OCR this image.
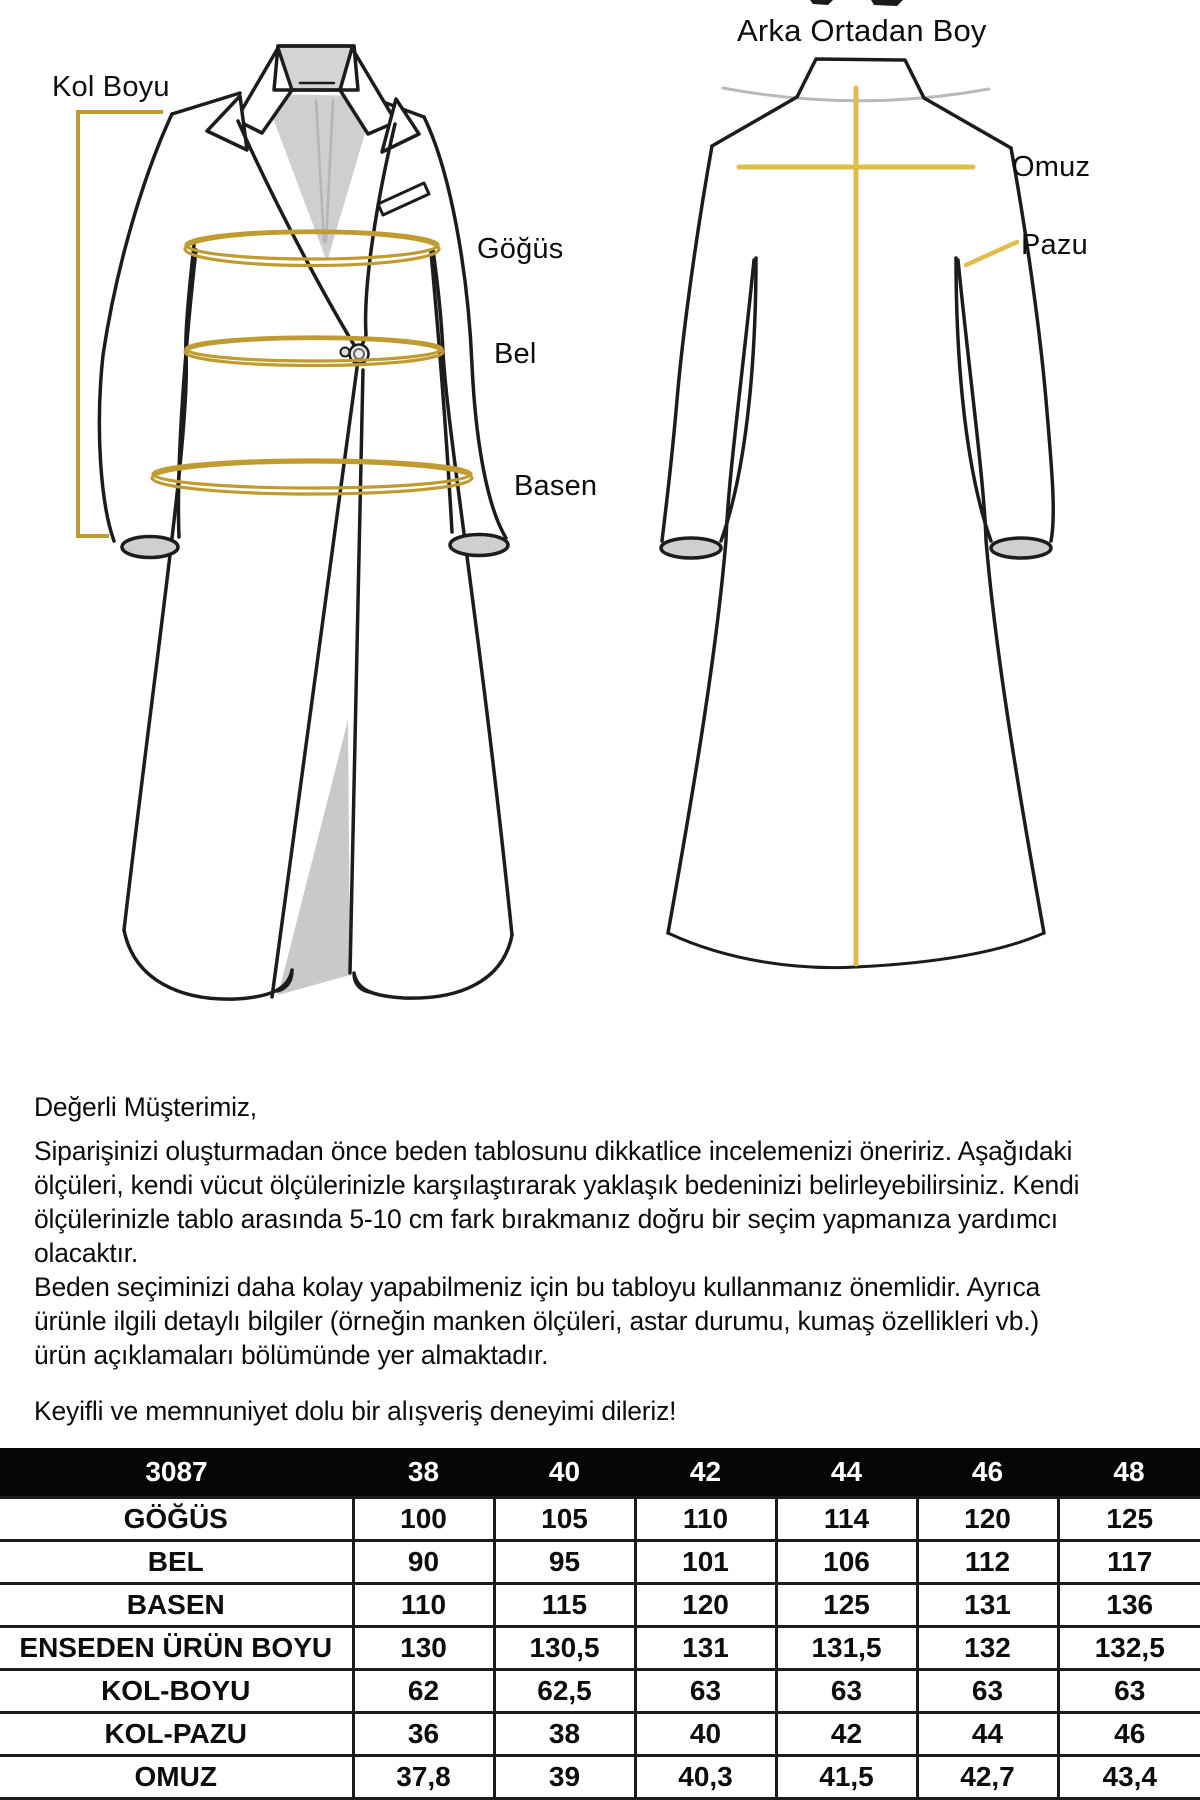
Kol Boyu
Göğüs
Bel
Basen
Arka Ortadan Boy
Omuz
Pazu
Değerli Müşterimiz,
Siparişinizi oluşturmadan önce beden tablosunu dikkatlice incelemenizi öneririz. Aşağıdaki
ölçüleri, kendi vücut ölçülerinizle karşılaştırarak yaklaşık bedeninizi belirleyebilirsiniz. Kendi
ölçülerinizle tablo arasında 5-10 cm fark bırakmanız doğru bir seçim yapmanıza yardımcı
olacaktır.
Beden seçiminizi daha kolay yapabilmeniz için bu tabloyu kullanmanız önemlidir. Ayrıca
ürünle ilgili detaylı bilgiler (örneğin manken ölçüleri, astar durumu, kumaş özellikleri vb.)
ürün açıklamaları bölümünde yer almaktadır.
Keyifli ve memnuniyet dolu bir alışveriş deneyimi dileriz!
3087	38	40	42	44	46	48
GÖĞÜS	100	105	110	114	120	125
BEL	90	95	101	106	112	117
BASEN	110	115	120	125	131	136
ENSEDEN ÜRÜN BOYU	130	130,5	131	131,5	132	132,5
KOL-BOYU	62	62,5	63	63	63	63
KOL-PAZU	36	38	40	42	44	46
OMUZ	37,8	39	40,3	41,5	42,7	43,4
